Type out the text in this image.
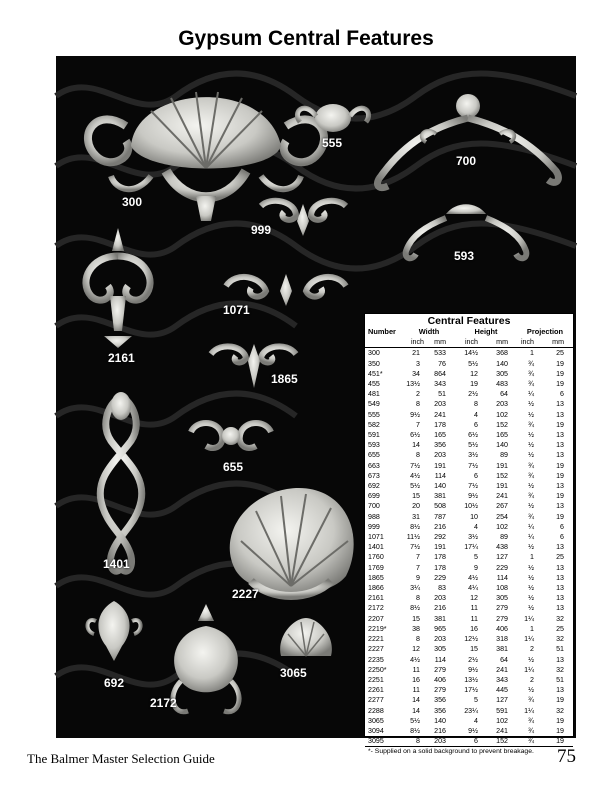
Gypsum Central Features
300
555
700
999
593
2161
1071
1865
1401
655
2227
692
2172
3065
Central Features
Number	Width	Height	Projection
inch	mm	inch	mm	inch	mm
300	21	533	14½	368	1	25
350	3	76	5½	140	¾	19
451*	34	864	12	305	¾	19
455	13½	343	19	483	¾	19
481	2	51	2½	64	¼	6
549	8	203	8	203	½	13
555	9½	241	4	102	½	13
582	7	178	6	152	¾	19
591	6½	165	6½	165	½	13
593	14	356	5½	140	½	13
655	8	203	3½	89	½	13
663	7½	191	7½	191	¾	19
673	4½	114	6	152	¾	19
692	5½	140	7½	191	½	13
699	15	381	9½	241	¾	19
700	20	508	10½	267	½	13
988	31	787	10	254	¾	19
999	8½	216	4	102	¼	6
1071	11½	292	3½	89	¼	6
1401	7½	191	17¼	438	½	13
1760	7	178	5	127	1	25
1769	7	178	9	229	½	13
1865	9	229	4½	114	½	13
1866	3¼	83	4¼	108	½	13
2161	8	203	12	305	½	13
2172	8½	216	11	279	½	13
2207	15	381	11	279	1¼	32
2219*	38	965	16	406	1	25
2221	8	203	12½	318	1¼	32
2227	12	305	15	381	2	51
2235	4½	114	2½	64	½	13
2250*	11	279	9½	241	1¼	32
2251	16	406	13½	343	2	51
2261	11	279	17½	445	½	13
2277	14	356	5	127	¾	19
2288	14	356	23¼	591	1¼	32
3065	5½	140	4	102	¾	19
3094	8½	216	9½	241	¾	19
3095	8	203	6	152	¾	19
*- Supplied on a solid background to prevent breakage.
The Balmer Master Selection Guide	75
